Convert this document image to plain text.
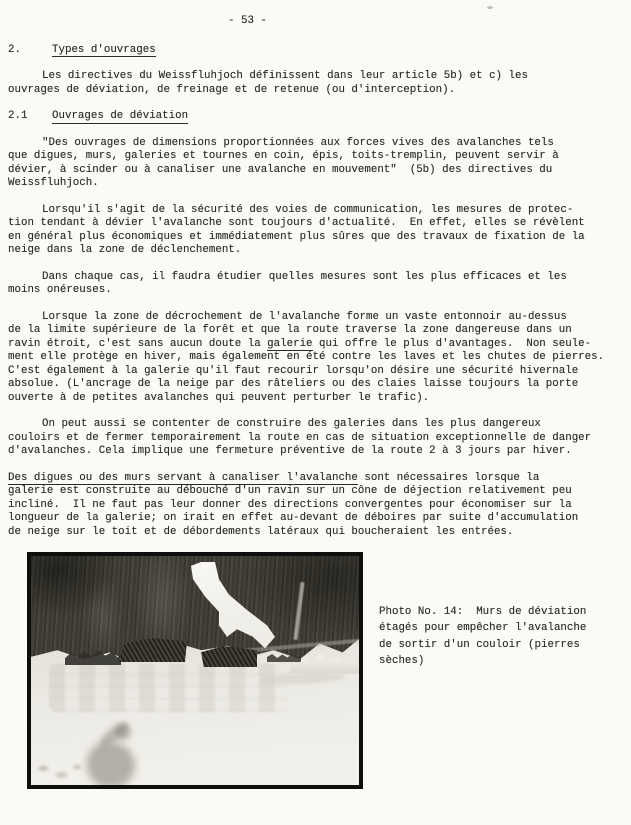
- 53 -
2.	Types d'ouvrages
Les directives du Weissfluhjoch définissent dans leur article 5b) et c) les
ouvrages de déviation, de freinage et de retenue (ou d'interception).
2.1 Ouvrages de déviation
"Des ouvrages de dimensions proportionnées aux forces vives des avalanches tels
que digues, murs, galeries et tournes en coin, épis, toits-tremplin, peuvent servir à
dévier, à scinder ou à canaliser une avalanche en mouvement"  (5b) des directives du
Weissfluhjoch.
Lorsqu'il s'agit de la sécurité des voies de communication, les mesures de protec-
tion tendant à dévier l'avalanche sont toujours d'actualité.  En effet, elles se révèlent
en général plus économiques et immédiatement plus sûres que des travaux de fixation de la
neige dans la zone de déclenchement.
Dans chaque cas, il faudra étudier quelles mesures sont les plus efficaces et les
moins onéreuses.
Lorsque la zone de décrochement de l'avalanche forme un vaste entonnoir au-dessus
de la limite supérieure de la forêt et que la route traverse la zone dangereuse dans un
ravin étroit, c'est sans aucun doute la galerie qui offre le plus d'avantages.  Non seule-
ment elle protège en hiver, mais également en été contre les laves et les chutes de pierres.
C'est également à la galerie qu'il faut recourir lorsqu'on désire une sécurité hivernale
absolue. (L'ancrage de la neige par des râteliers ou des claies laisse toujours la porte
ouverte à de petites avalanches qui peuvent perturber le trafic).
On peut aussi se contenter de construire des galeries dans les plus dangereux
couloirs et de fermer temporairement la route en cas de situation exceptionnelle de danger
d'avalanches. Cela implique une fermeture préventive de la route 2 à 3 jours par hiver.
Des digues ou des murs servant à canaliser l'avalanche sont nécessaires lorsque la
galerie est construite au débouché d'un ravin sur un cône de déjection relativement peu
incliné.  Il ne faut pas leur donner des directions convergentes pour économiser sur la
longueur de la galerie; on irait en effet au-devant de déboires par suite d'accumulation
de neige sur le toit et de débordements latéraux qui boucheraient les entrées.
Photo No. 14:  Murs de déviation
étagés pour empêcher l'avalanche
de sortir d'un couloir (pierres
sèches)
